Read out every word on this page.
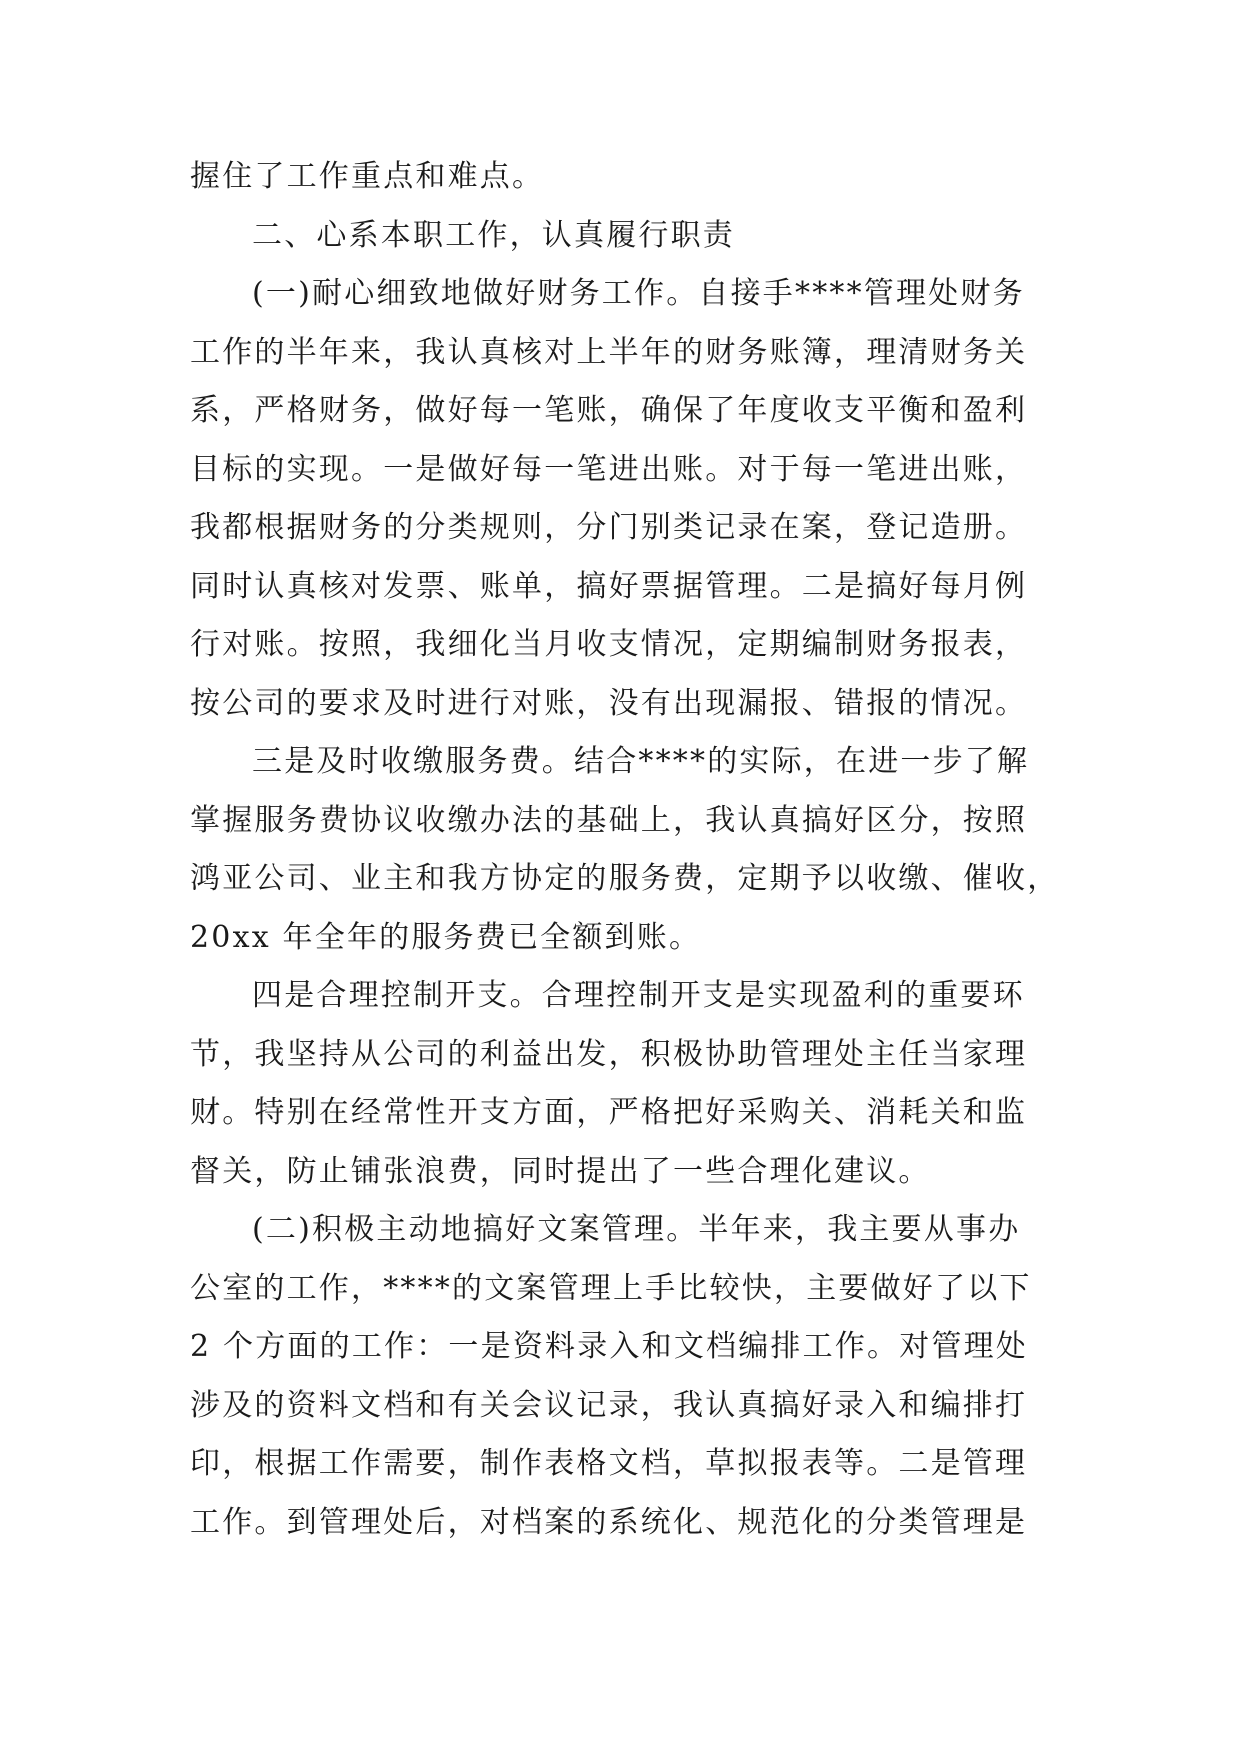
握住了工作重点和难点。
二、心系本职工作，认真履行职责
(一)耐心细致地做好财务工作。自接手****管理处财务
工作的半年来，我认真核对上半年的财务账簿，理清财务关
系，严格财务，做好每一笔账，确保了年度收支平衡和盈利
目标的实现。一是做好每一笔进出账。对于每一笔进出账，
我都根据财务的分类规则，分门别类记录在案，登记造册。
同时认真核对发票、账单，搞好票据管理。二是搞好每月例
行对账。按照，我细化当月收支情况，定期编制财务报表，
按公司的要求及时进行对账，没有出现漏报、错报的情况。
三是及时收缴服务费。结合****的实际，在进一步了解
掌握服务费协议收缴办法的基础上，我认真搞好区分，按照
鸿亚公司、业主和我方协定的服务费，定期予以收缴、催收，
20xx 年全年的服务费已全额到账。
四是合理控制开支。合理控制开支是实现盈利的重要环
节，我坚持从公司的利益出发，积极协助管理处主任当家理
财。特别在经常性开支方面，严格把好采购关、消耗关和监
督关，防止铺张浪费，同时提出了一些合理化建议。
(二)积极主动地搞好文案管理。半年来，我主要从事办
公室的工作，****的文案管理上手比较快，主要做好了以下
2 个方面的工作：一是资料录入和文档编排工作。对管理处
涉及的资料文档和有关会议记录，我认真搞好录入和编排打
印，根据工作需要，制作表格文档，草拟报表等。二是管理
工作。到管理处后，对档案的系统化、规范化的分类管理是
